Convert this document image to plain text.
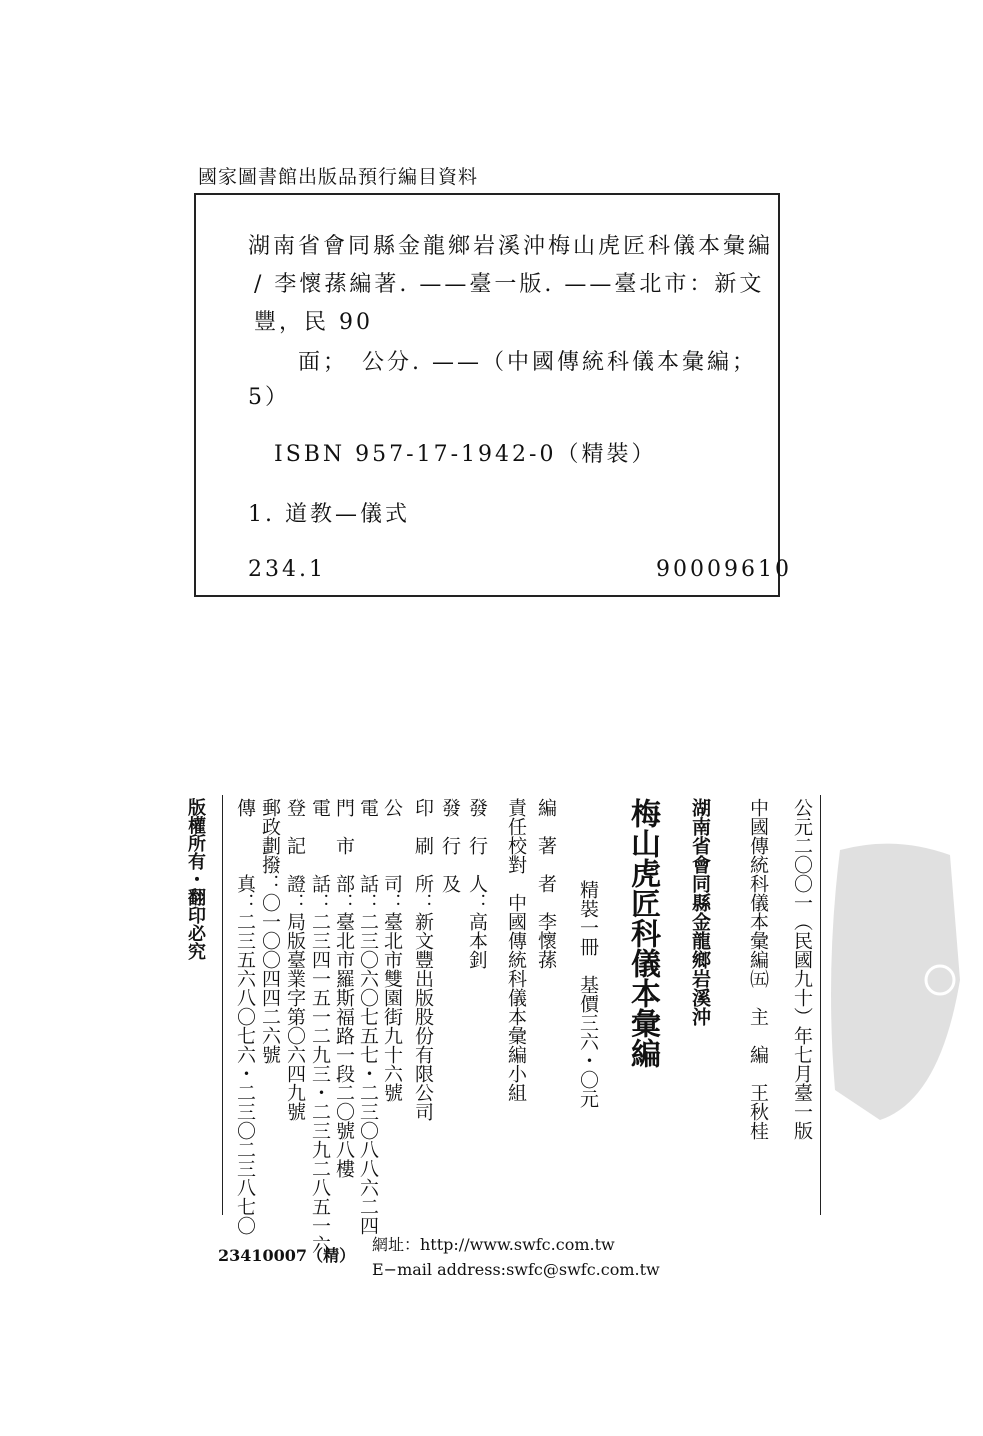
國家圖書館出版品預行編目資料
湖南省會同縣金龍鄉岩溪沖梅山虎匠科儀本彙編
/ 李懷蓀編著. ——臺一版. ——臺北市：新文
豐，民 90
面；　公分. ——（中國傳統科儀本彙編；
5）
ISBN 957-17-1942-0（精裝）
1. 道教—儀式
234.1	90009610
公元二〇〇一（民國九十）年七月臺一版
中國傳統科儀本彙編㈤　主　編　王秋桂
湖南省會同縣金龍鄉岩溪沖
梅山虎匠科儀本彙編
精裝一冊　基價三六・〇元
編　著　者　李懷蓀
責任校對　中國傳統科儀本彙編小組
發　行　人：高本釗
發　行　及
印　刷　所：新文豐出版股份有限公司
公　　　司：臺北市雙園街九十六號
電　　　話：二三〇六〇七五七・二三〇八八六二四
門　市　部：臺北市羅斯福路一段二〇號八樓
電　　　話：二三四一五一二九三・二三九二八五一六
登　記　證：局版臺業字第〇六四九號
郵政劃撥：〇一〇〇四四二六號
傳　　　真：二三五六八〇七六・二三〇二三八七〇
版權所有・翻印必究
23410007（精）
網址：http://www.swfc.com.tw
E−mail address:swfc@swfc.com.tw
